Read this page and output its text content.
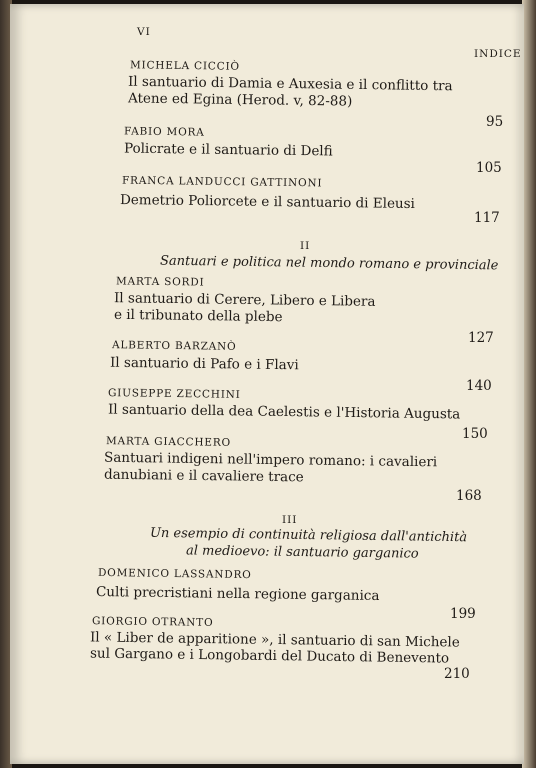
VI
INDICE
MICHELA CICCIÒ
Il santuario di Damia e Auxesia e il conflitto tra
Atene ed Egina (Herod. v, 82-88)
95
FABIO MORA
Policrate e il santuario di Delfi
105
FRANCA LANDUCCI GATTINONI
Demetrio Poliorcete e il santuario di Eleusi
117
II
Santuari e politica nel mondo romano e provinciale
MARTA SORDI
Il santuario di Cerere, Libero e Libera
e il tribunato della plebe
127
ALBERTO BARZANÒ
Il santuario di Pafo e i Flavi
140
GIUSEPPE ZECCHINI
Il santuario della dea Caelestis e l'Historia Augusta
150
MARTA GIACCHERO
Santuari indigeni nell'impero romano: i cavalieri
danubiani e il cavaliere trace
168
III
Un esempio di continuità religiosa dall'antichità
al medioevo: il santuario garganico
DOMENICO LASSANDRO
Culti precristiani nella regione garganica
199
GIORGIO OTRANTO
Il « Liber de apparitione », il santuario di san Michele
sul Gargano e i Longobardi del Ducato di Benevento
210
